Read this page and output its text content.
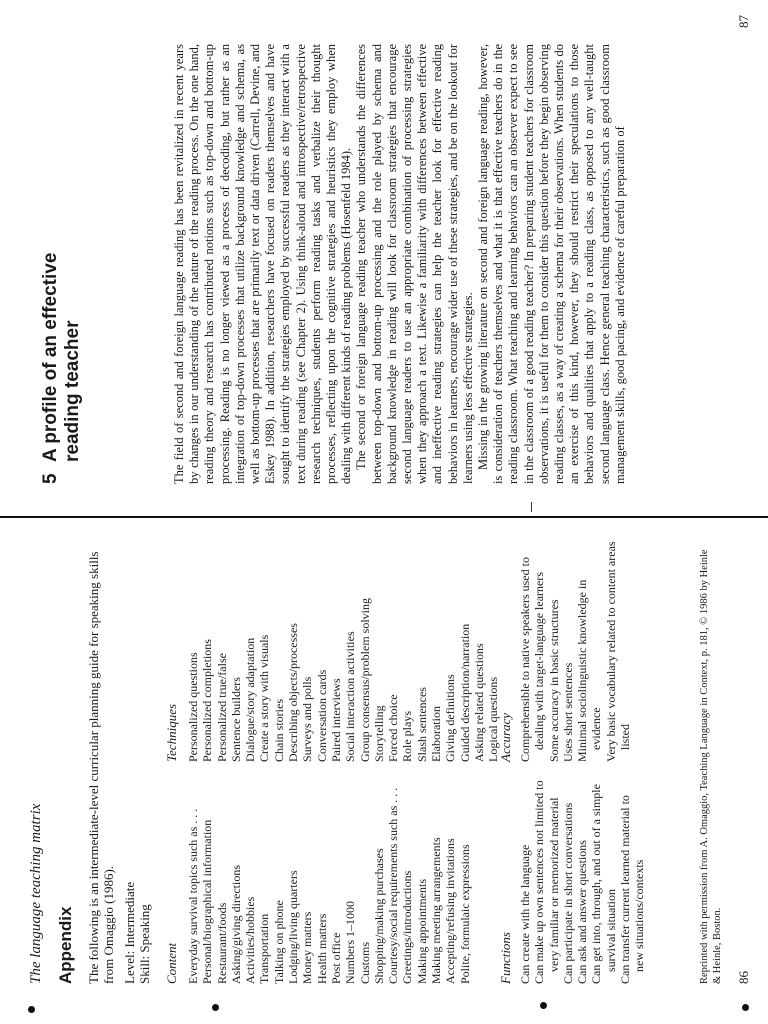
The language teaching matrix Appendix The following is an intermediate-level curricular planning guide for speaking skills from Omaggio (1986). Level: Intermediate Skill: Speaking Content Everyday survival topics such as . . . Personal/biographical information Restaurant/foods Asking/giving directions Activities/hobbies Transportation Talking on phone Lodging/living quarters Money matters Health matters Post office Numbers 1–1000 Customs Shopping/making purchases Courtesy/social requirements such as . . . Greetings/introductions Making appointments Making meeting arrangements Accepting/refusing invitations Polite, formulaic expressions
Techniques Personalized questions Personalized completions Personalized true/false Sentence builders Dialogue/story adaptation Create a story with visuals Chain stories Describing objects/processes Surveys and polls Conversation cards Paired interviews Social interaction activities Group consensus/problem solving Storytelling Forced choice Role plays Slash sentences Elaboration Giving definitions Guided description/narration Asking related questions Logical questions
Functions Can create with the language Can make up own sentences not limited to very familiar or memorized material Can participate in short conversations Can ask and answer questions Can get into, through, and out of a simple survival situation Can transfer current learned material to new situations/contexts
Accuracy Comprehensible to native speakers used to dealing with target-language learners Some accuracy in basic structures Uses short sentences Minimal sociolinguistic knowledge in evidence Very basic vocabulary related to content areas listed	Reprinted with permission from A. Omaggio, Teaching Language in Context, p. 181, © 1986 by Heinle & Heinle, Boston. 86
5
A profile of an effective reading teacher	The field of second and foreign language reading has been revitalized in recent years by changes in our understanding of the nature of the reading process. On the one hand, reading theory and research has contributed notions such as top-down and bottom-up processing. Reading is no longer viewed as a process of decoding, but rather as an integration of top-down processes that utilize background knowledge and schema, as well as bottom-up processes that are primarily text or data driven (Carrell, Devine, and Eskey 1988). In addition, researchers have focused on readers themselves and have sought to identify the strategies employed by successful readers as they interact with a text during reading (see Chapter 2). Using think-aloud and introspective/retrospective research techniques, students perform reading tasks and verbalize their thought processes, reflecting upon the cognitive strategies and heuristics they employ when dealing with different kinds of reading problems (Hosenfeld 1984). The second or foreign language reading teacher who understands the differences between top-down and bottom-up processing and the role played by schema and background knowledge in reading will look for classroom strategies that encourage second language readers to use an appropriate combination of processing strategies when they approach a text. Likewise a familiarity with differences between effective and ineffective reading strategies can help the teacher look for effective reading behaviors in learners, encourage wider use of these strategies, and be on the lookout for learners using less effective strategies. Missing in the growing literature on second and foreign language reading, however, is consideration of teachers themselves and what it is that effective teachers do in the reading classroom. What teaching and learning behaviors can an observer expect to see in the classroom of a good reading teacher? In preparing student teachers for classroom observations, it is useful for them to consider this question before they begin observing reading classes, as a way of creating a schema for their observations. When students do an exercise of this kind, however, they should restrict their speculations to those behaviors and qualities that apply to a reading class, as opposed to any well-taught second language class. Hence general teaching characteristics, such as good classroom management skills, good pacing, and evidence of careful preparation of

87
